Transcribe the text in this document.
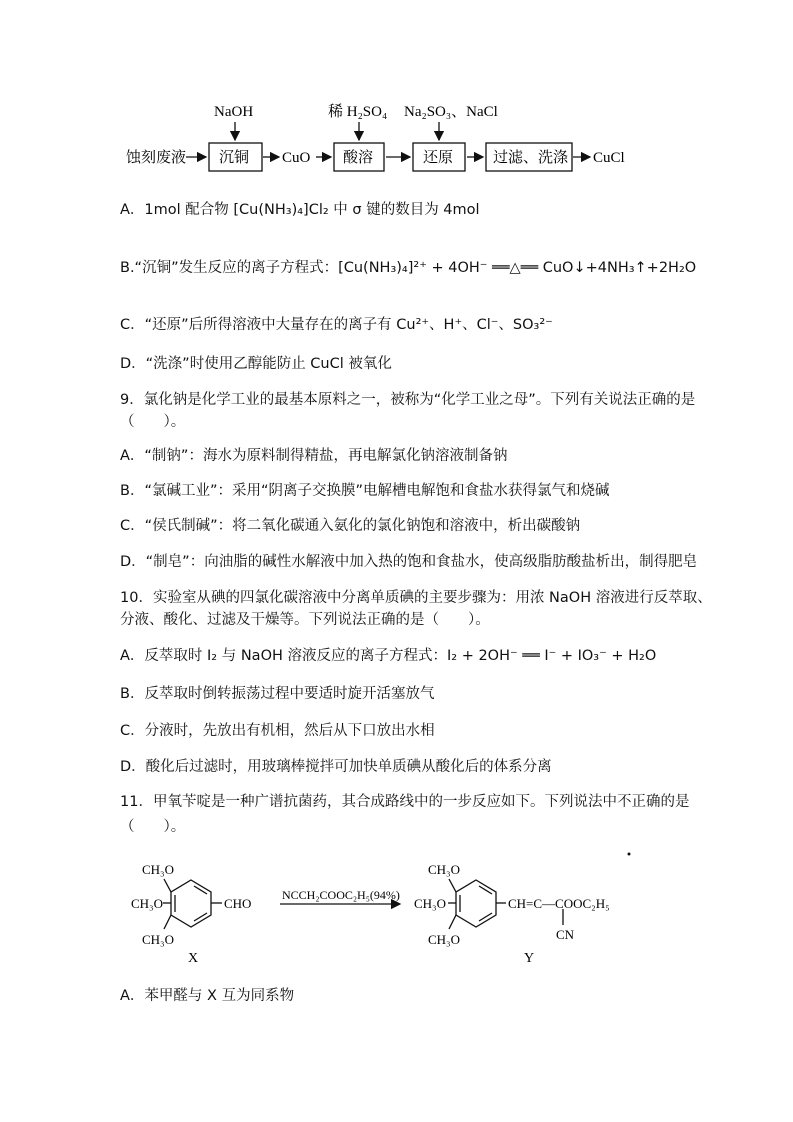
蚀刻废液 沉铜
NaOH
CuO 酸溶
稀 H₂SO₄
还原
Na₂SO₃、NaCl
过滤、洗涤 CuCl
A．1mol 配合物 [Cu(NH₃)₄]Cl₂ 中 σ 键的数目为 4mol
B.“沉铜”发生反应的离子方程式：[Cu(NH₃)₄]²⁺ + 4OH⁻ ══△══ CuO↓+4NH₃↑+2H₂O
C．“还原”后所得溶液中大量存在的离子有 Cu²⁺、H⁺、Cl⁻、SO₃²⁻
D．“洗涤”时使用乙醇能防止 CuCl 被氧化
9．氯化钠是化学工业的最基本原料之一，被称为“化学工业之母”。下列有关说法正确的是
（　　）。
A．“制钠”：海水为原料制得精盐，再电解氯化钠溶液制备钠
B．“氯碱工业”：采用“阴离子交换膜”电解槽电解饱和食盐水获得氯气和烧碱
C．“侯氏制碱”：将二氧化碳通入氨化的氯化钠饱和溶液中，析出碳酸钠
D．“制皂”：向油脂的碱性水解液中加入热的饱和食盐水，使高级脂肪酸盐析出，制得肥皂
10．实验室从碘的四氯化碳溶液中分离单质碘的主要步骤为：用浓 NaOH 溶液进行反萃取、
分液、酸化、过滤及干燥等。下列说法正确的是（　　）。
A．反萃取时 I₂ 与 NaOH 溶液反应的离子方程式：I₂ + 2OH⁻ ══ I⁻ + IO₃⁻ + H₂O
B．反萃取时倒转振荡过程中要适时旋开活塞放气
C．分液时，先放出有机相，然后从下口放出水相
D．酸化后过滤时，用玻璃棒搅拌可加快单质碘从酸化后的体系分离
11．甲氧苄啶是一种广谱抗菌药，其合成路线中的一步反应如下。下列说法中不正确的是
（　　）。
CH₃O
CH₃O
CH₃O
CHO
X
NCCH₂COOC₂H₅(94%)
CH₃O
CH₃O
CH₃O
CH=C—COOC₂H₅
CN
Y
A．苯甲醛与 X 互为同系物
